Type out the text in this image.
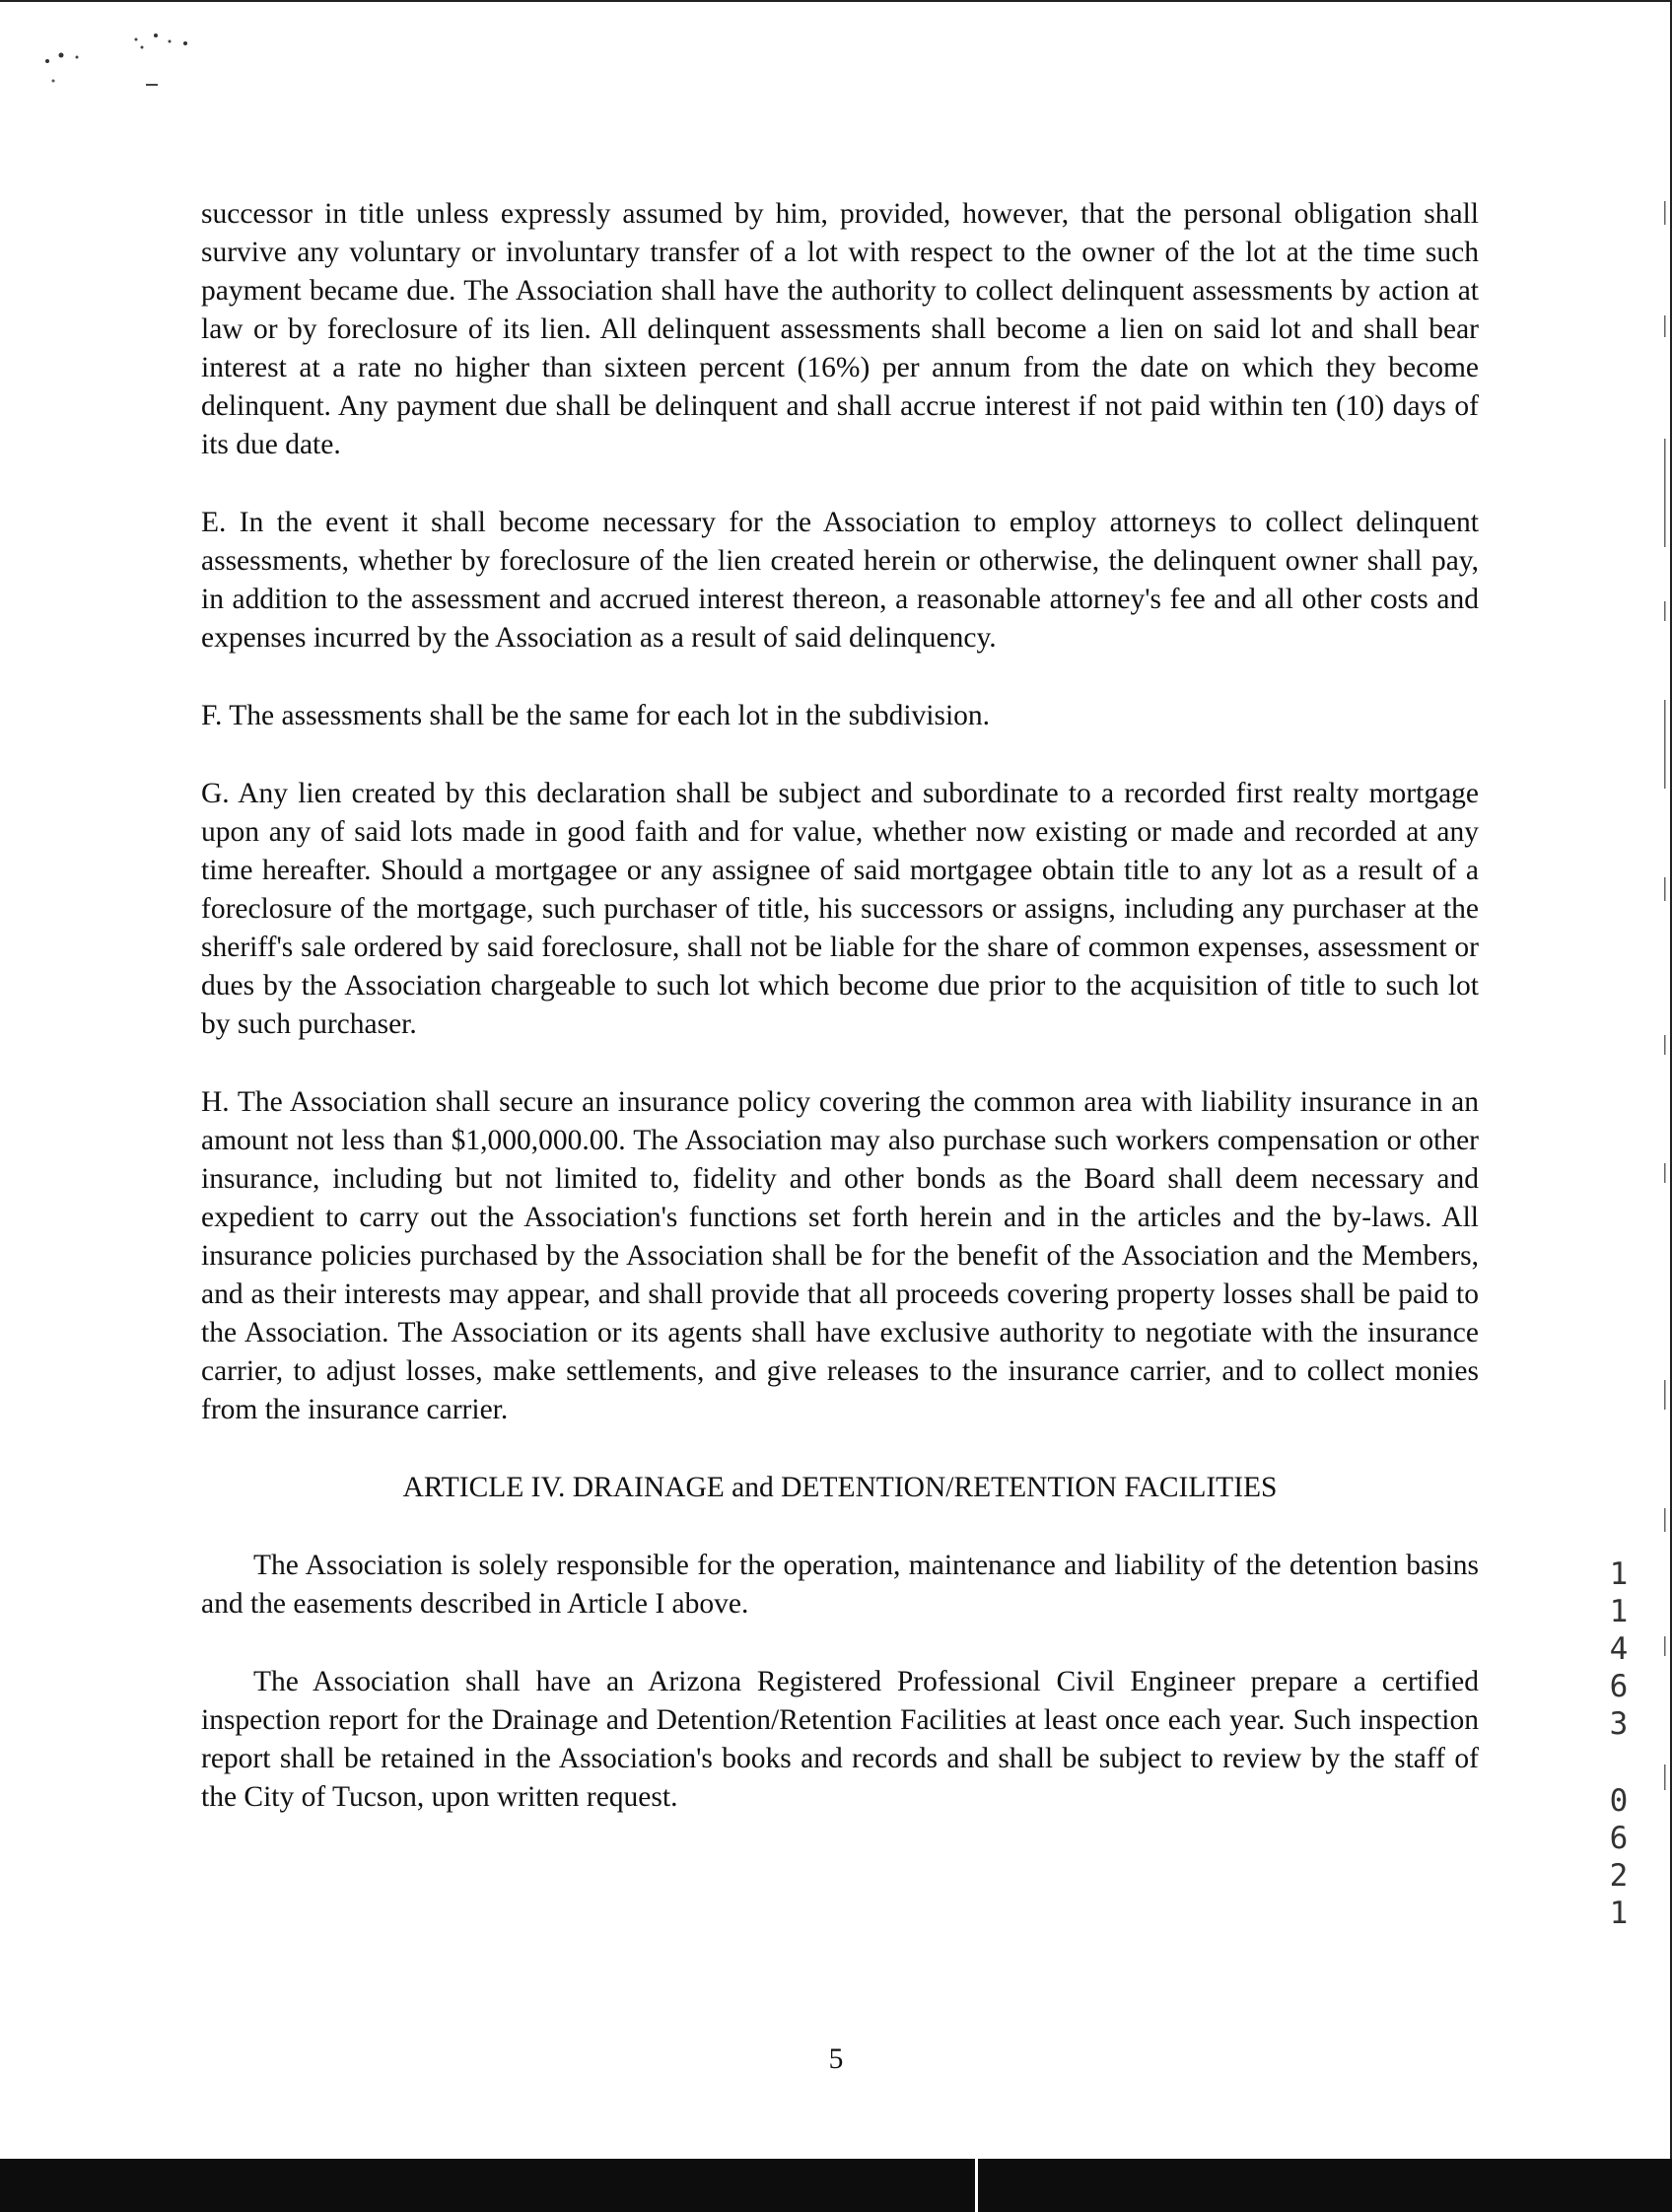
successor in title unless expressly assumed by him, provided, however, that the personal obligation shall survive any voluntary or involuntary transfer of a lot with respect to the owner of the lot at the time such payment became due. The Association shall have the authority to collect delinquent assessments by action at law or by foreclosure of its lien. All delinquent assessments shall become a lien on said lot and shall bear interest at a rate no higher than sixteen percent (16%) per annum from the date on which they become delinquent. Any payment due shall be delinquent and shall accrue interest if not paid within ten (10) days of its due date.

E. In the event it shall become necessary for the Association to employ attorneys to collect delinquent assessments, whether by foreclosure of the lien created herein or otherwise, the delinquent owner shall pay, in addition to the assessment and accrued interest thereon, a reasonable attorney's fee and all other costs and expenses incurred by the Association as a result of said delinquency.

F. The assessments shall be the same for each lot in the subdivision.

G. Any lien created by this declaration shall be subject and subordinate to a recorded first realty mortgage upon any of said lots made in good faith and for value, whether now existing or made and recorded at any time hereafter. Should a mortgagee or any assignee of said mortgagee obtain title to any lot as a result of a foreclosure of the mortgage, such purchaser of title, his successors or assigns, including any purchaser at the sheriff's sale ordered by said foreclosure, shall not be liable for the share of common expenses, assessment or dues by the Association chargeable to such lot which become due prior to the acquisition of title to such lot by such purchaser.

H. The Association shall secure an insurance policy covering the common area with liability insurance in an amount not less than $1,000,000.00. The Association may also purchase such workers compensation or other insurance, including but not limited to, fidelity and other bonds as the Board shall deem necessary and expedient to carry out the Association's functions set forth herein and in the articles and the by-laws. All insurance policies purchased by the Association shall be for the benefit of the Association and the Members, and as their interests may appear, and shall provide that all proceeds covering property losses shall be paid to the Association. The Association or its agents shall have exclusive authority to negotiate with the insurance carrier, to adjust losses, make settlements, and give releases to the insurance carrier, and to collect monies from the insurance carrier.

ARTICLE IV. DRAINAGE and DETENTION/RETENTION FACILITIES

The Association is solely responsible for the operation, maintenance and liability of the detention basins and the easements described in Article I above.

The Association shall have an Arizona Registered Professional Civil Engineer prepare a certified inspection report for the Drainage and Detention/Retention Facilities at least once each year. Such inspection report shall be retained in the Association's books and records and shall be subject to review by the staff of the City of Tucson, upon written request.

1
1
4
6
3
0
6
2
1
5
